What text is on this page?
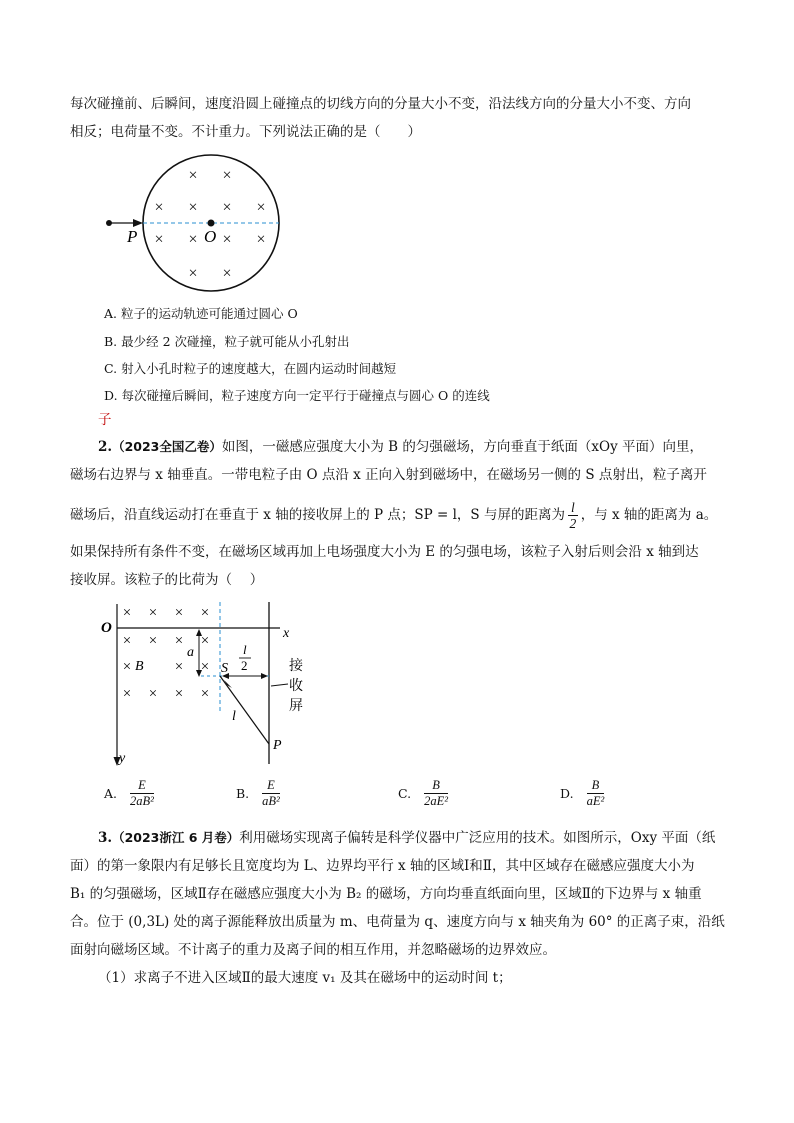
每次碰撞前、后瞬间，速度沿圆上碰撞点的切线方向的分量大小不变，沿法线方向的分量大小不变、方向
相反；电荷量不变。不计重力。下列说法正确的是（　　）
P	O
× ×
× × × ×
× × × ×
× ×
A. 粒子的运动轨迹可能通过圆心 O
B. 最少经 2 次碰撞，粒子就可能从小孔射出
C. 射入小孔时粒子的速度越大，在圆内运动时间越短
D. 每次碰撞后瞬间，粒子速度方向一定平行于碰撞点与圆心 O 的连线
子
2.（2023全国乙卷）如图，一磁感应强度大小为 B 的匀强磁场，方向垂直于纸面（xOy 平面）向里，
磁场右边界与 x 轴垂直。一带电粒子由 O 点沿 x 正向入射到磁场中，在磁场另一侧的 S 点射出，粒子离开
磁场后，沿直线运动打在垂直于 x 轴的接收屏上的 P 点；SP = l，S 与屏的距离为 $\frac{l}{2}$ ，与 x 轴的距离为 a。
如果保持所有条件不变，在磁场区域再加上电场强度大小为 E 的匀强电场，该粒子入射后则会沿 x 轴到达
接收屏。该粒子的比荷为（　 ）
O	x
y
a
B	S
l
2
l
P
接
收
屏
× × × ×
× × × ×
×	× ×
× × × ×
A. $\frac{E}{\text{2aB²}}$	B. $\frac{E}{\text{aB²}}$	C. $\frac{B}{\text{2aE²}}$	D. $\frac{B}{\text{aE²}}$
3.（2023浙江 6 月卷）利用磁场实现离子偏转是科学仪器中广泛应用的技术。如图所示，Oxy 平面（纸
面）的第一象限内有足够长且宽度均为 L、边界均平行 x 轴的区域Ⅰ和Ⅱ，其中区域存在磁感应强度大小为
B₁ 的匀强磁场，区域Ⅱ存在磁感应强度大小为 B₂ 的磁场，方向均垂直纸面向里，区域Ⅱ的下边界与 x 轴重
合。位于 (0,3L) 处的离子源能释放出质量为 m、电荷量为 q、速度方向与 x 轴夹角为 60° 的正离子束，沿纸
面射向磁场区域。不计离子的重力及离子间的相互作用，并忽略磁场的边界效应。
（1）求离子不进入区域Ⅱ的最大速度 v₁ 及其在磁场中的运动时间 t；
